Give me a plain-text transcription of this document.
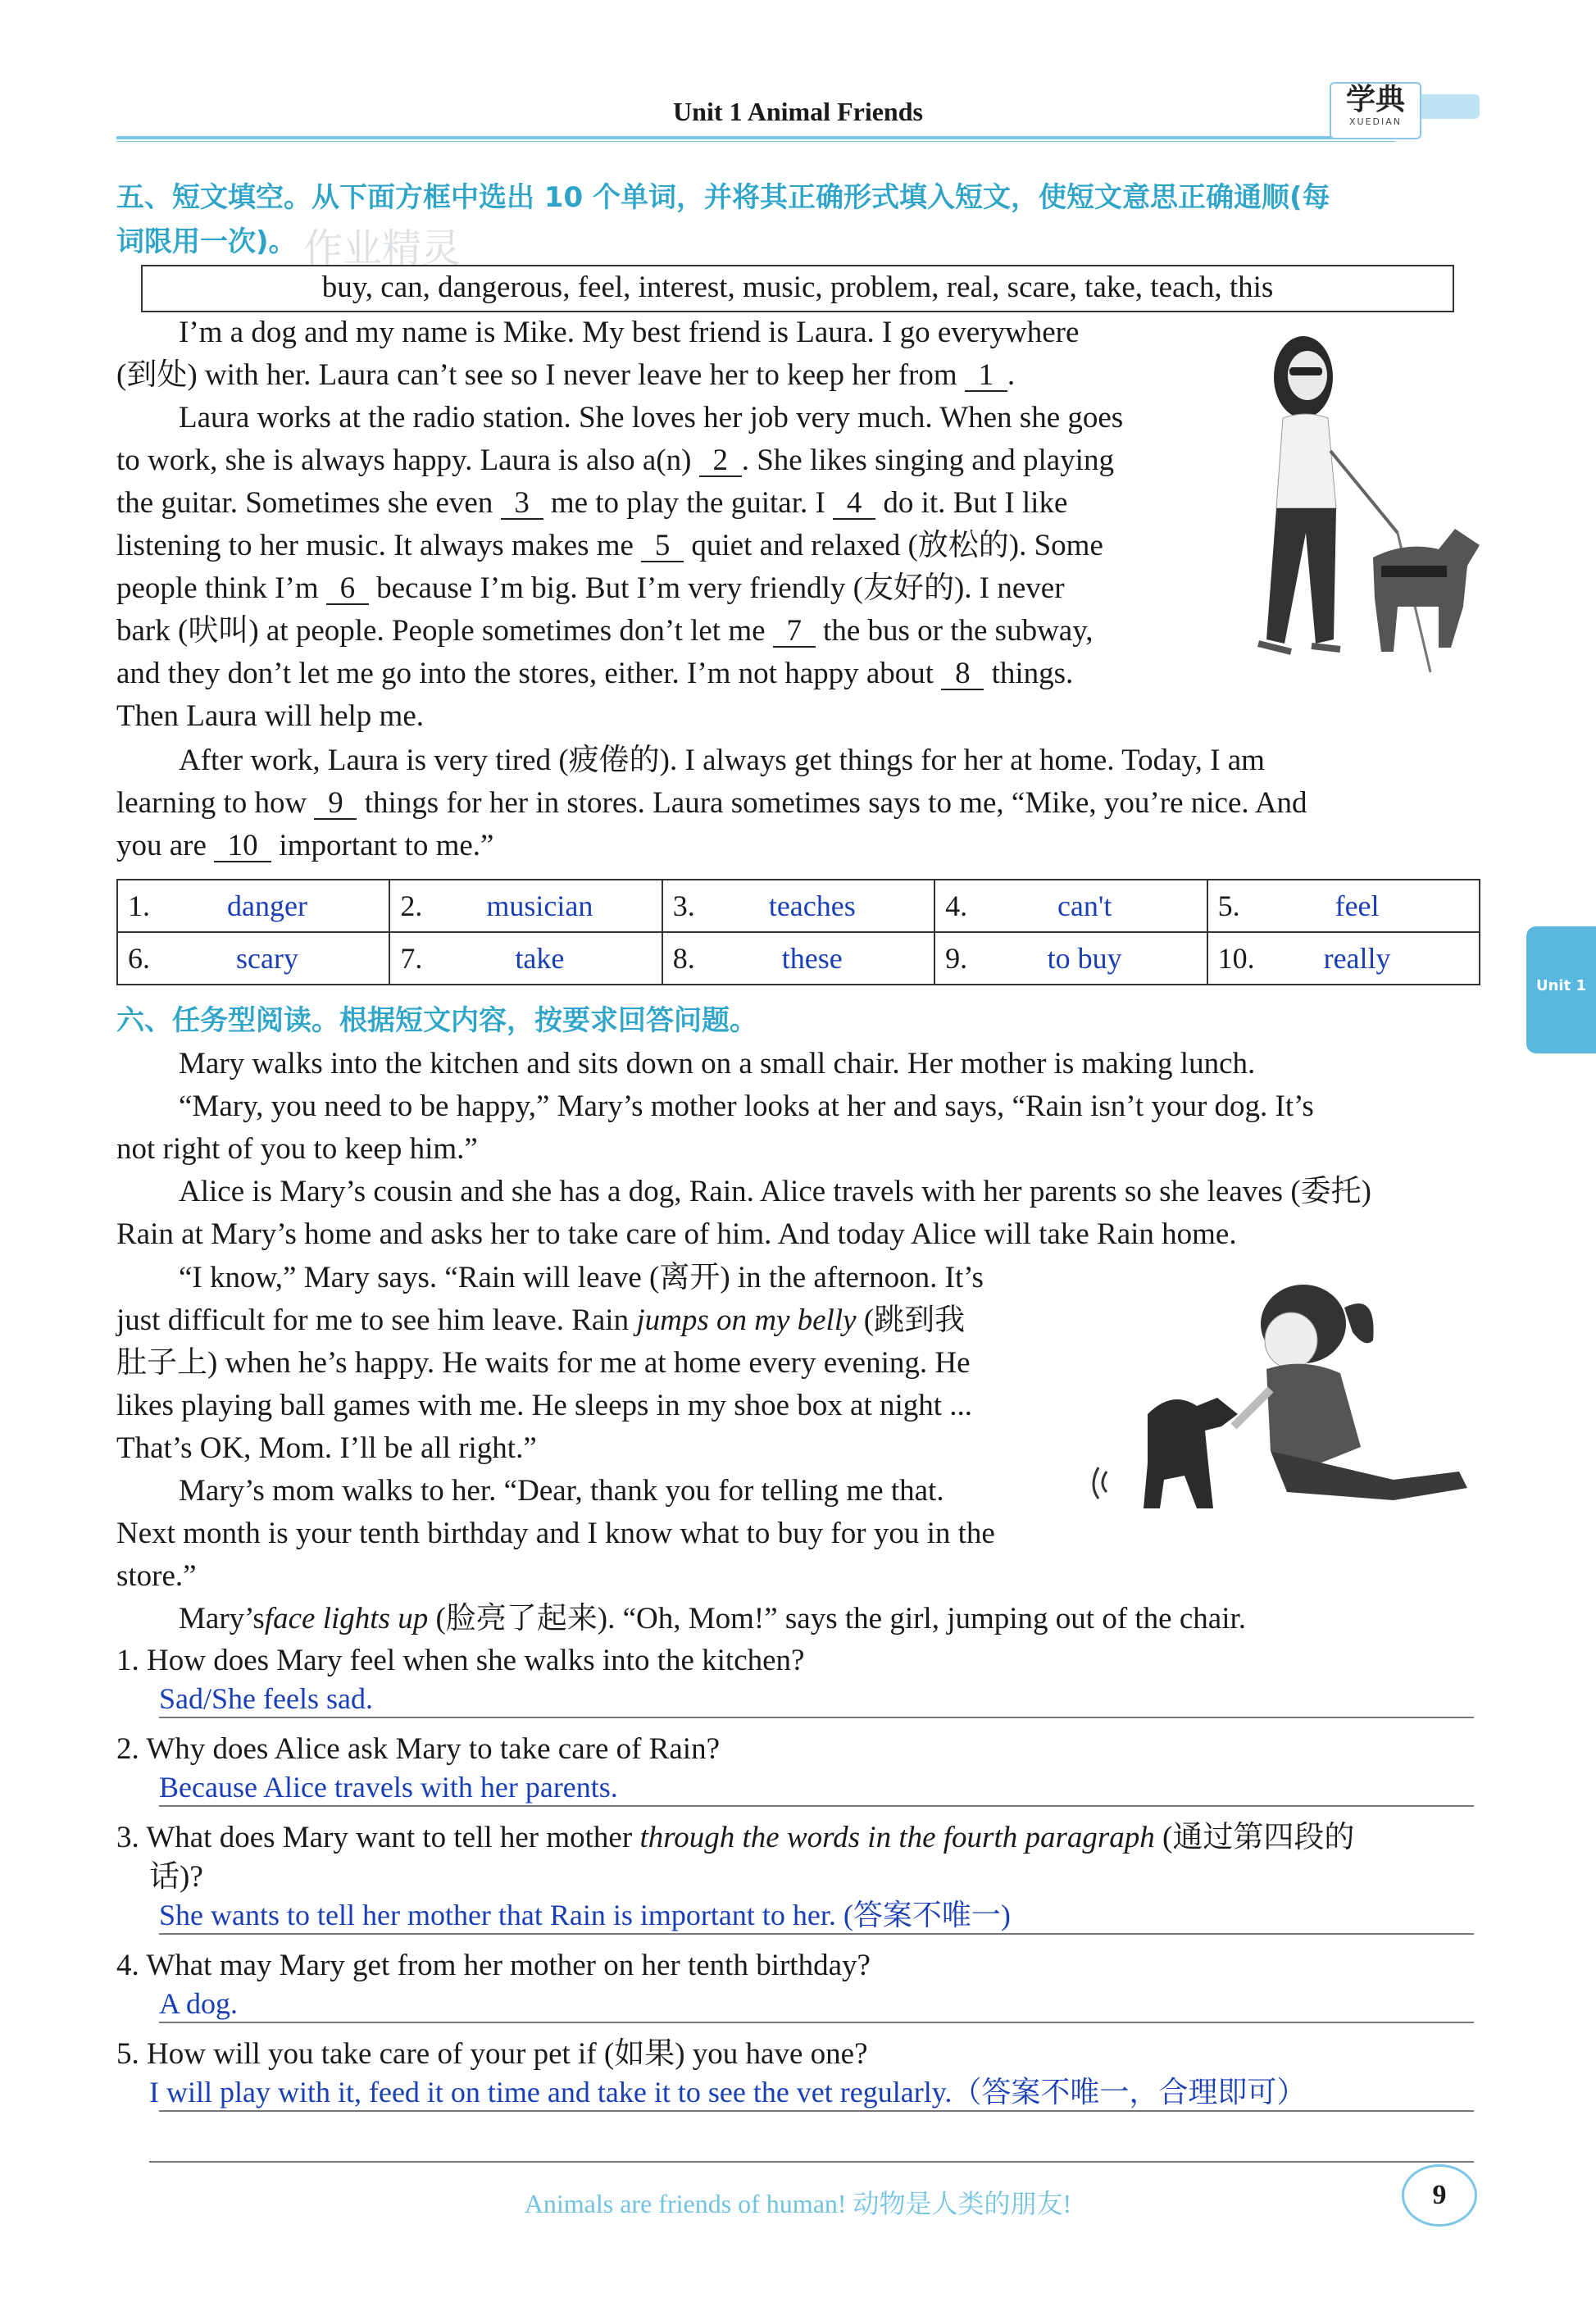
Unit 1 Animal Friends	学典
XUEDIAN
Unit 1
五、短文填空。从下面方框中选出 10 个单词，并将其正确形式填入短文，使短文意思正确通顺(每
词限用一次)。 作业精灵
buy, can, dangerous, feel, interest, music, problem, real, scare, take, teach, this
I’m a dog and my name is Mike. My best friend is Laura. I go everywhere
(到处) with her. Laura can’t see so I never leave her to keep her from 1 .
Laura works at the radio station. She loves her job very much. When she goes
to work, she is always happy. Laura is also a(n) 2 . She likes singing and playing
the guitar. Sometimes she even 3 me to play the guitar. I 4 do it. But I like
listening to her music. It always makes me 5 quiet and relaxed (放松的). Some
people think I’m 6 because I’m big. But I’m very friendly (友好的). I never
bark (吠叫) at people. People sometimes don’t let me 7 the bus or the subway,
and they don’t let me go into the stores, either. I’m not happy about 8 things.
Then Laura will help me.
After work, Laura is very tired (疲倦的). I always get things for her at home. Today, I am
learning to how 9 things for her in stores. Laura sometimes says to me, “Mike, you’re nice. And
you are 10 important to me.”
1. danger	2. musician	3. teaches	4. can't	5. feel
6. scary	7. take	8. these	9. to buy	10. really
六、任务型阅读。根据短文内容，按要求回答问题。
Mary walks into the kitchen and sits down on a small chair. Her mother is making lunch.
“Mary, you need to be happy,” Mary’s mother looks at her and says, “Rain isn’t your dog. It’s
not right of you to keep him.”
Alice is Mary’s cousin and she has a dog, Rain. Alice travels with her parents so she leaves (委托)
Rain at Mary’s home and asks her to take care of him. And today Alice will take Rain home.
“I know,” Mary says. “Rain will leave (离开) in the afternoon. It’s
just difficult for me to see him leave. Rain jumps on my belly (跳到我
肚子上) when he’s happy. He waits for me at home every evening. He
likes playing ball games with me. He sleeps in my shoe box at night ...
That’s OK, Mom. I’ll be all right.”
Mary’s mom walks to her. “Dear, thank you for telling me that.
Next month is your tenth birthday and I know what to buy for you in the
store.”
Mary’sface lights up (脸亮了起来). “Oh, Mom!” says the girl, jumping out of the chair.
1. How does Mary feel when she walks into the kitchen?
Sad/She feels sad.
2. Why does Alice ask Mary to take care of Rain?
Because Alice travels with her parents.
3. What does Mary want to tell her mother through the words in the fourth paragraph (通过第四段的
话)?
She wants to tell her mother that Rain is important to her. (答案不唯一)
4. What may Mary get from her mother on her tenth birthday?
A dog.
5. How will you take care of your pet if (如果) you have one?
I will play with it, feed it on time and take it to see the vet regularly.（答案不唯一，合理即可）
Animals are friends of human! 动物是人类的朋友!	9
